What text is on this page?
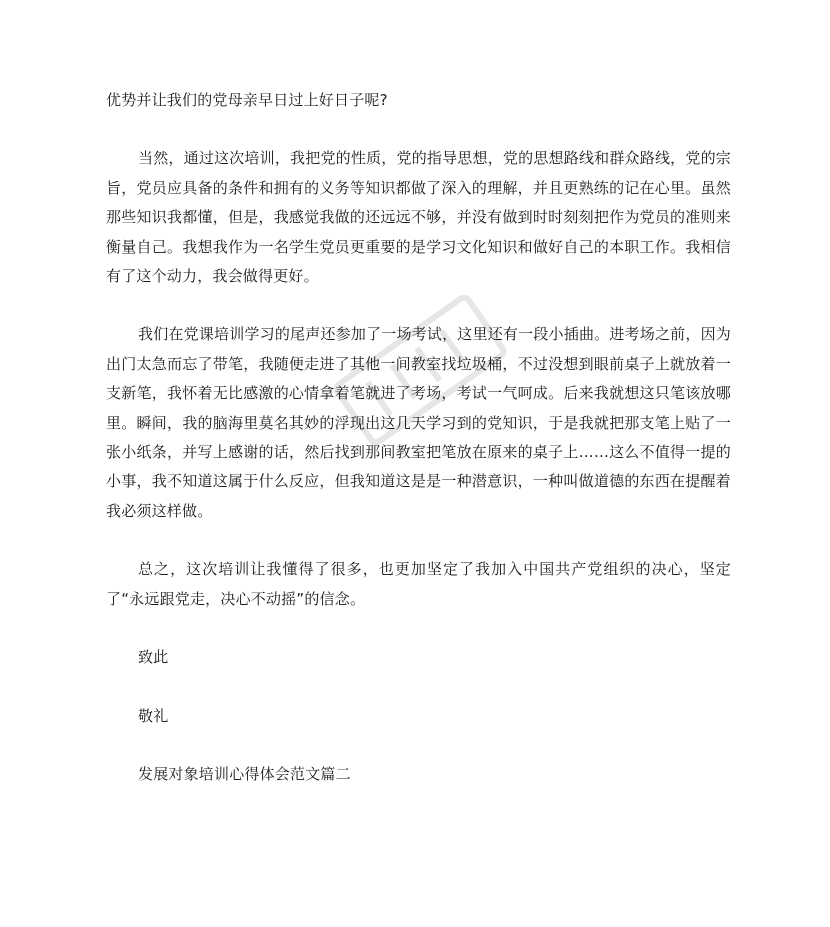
优势并让我们的党母亲早日过上好日子呢?

当然，通过这次培训，我把党的性质，党的指导思想，党的思想路线和群众路线，党的宗旨，党员应具备的条件和拥有的义务等知识都做了深入的理解，并且更熟练的记在心里。虽然那些知识我都懂，但是，我感觉我做的还远远不够，并没有做到时时刻刻把作为党员的准则来衡量自己。我想我作为一名学生党员更重要的是学习文化知识和做好自己的本职工作。我相信有了这个动力，我会做得更好。

我们在党课培训学习的尾声还参加了一场考试，这里还有一段小插曲。进考场之前，因为出门太急而忘了带笔，我随便走进了其他一间教室找垃圾桶，不过没想到眼前桌子上就放着一支新笔，我怀着无比感激的心情拿着笔就进了考场，考试一气呵成。后来我就想这只笔该放哪里。瞬间，我的脑海里莫名其妙的浮现出这几天学习到的党知识，于是我就把那支笔上贴了一张小纸条，并写上感谢的话，然后找到那间教室把笔放在原来的桌子上……这么不值得一提的小事，我不知道这属于什么反应，但我知道这是是一种潜意识，一种叫做道德的东西在提醒着我必须这样做。

总之，这次培训让我懂得了很多，也更加坚定了我加入中国共产党组织的决心，坚定了“永远跟党走，决心不动摇”的信念。

致此

敬礼

发展对象培训心得体会范文篇二
